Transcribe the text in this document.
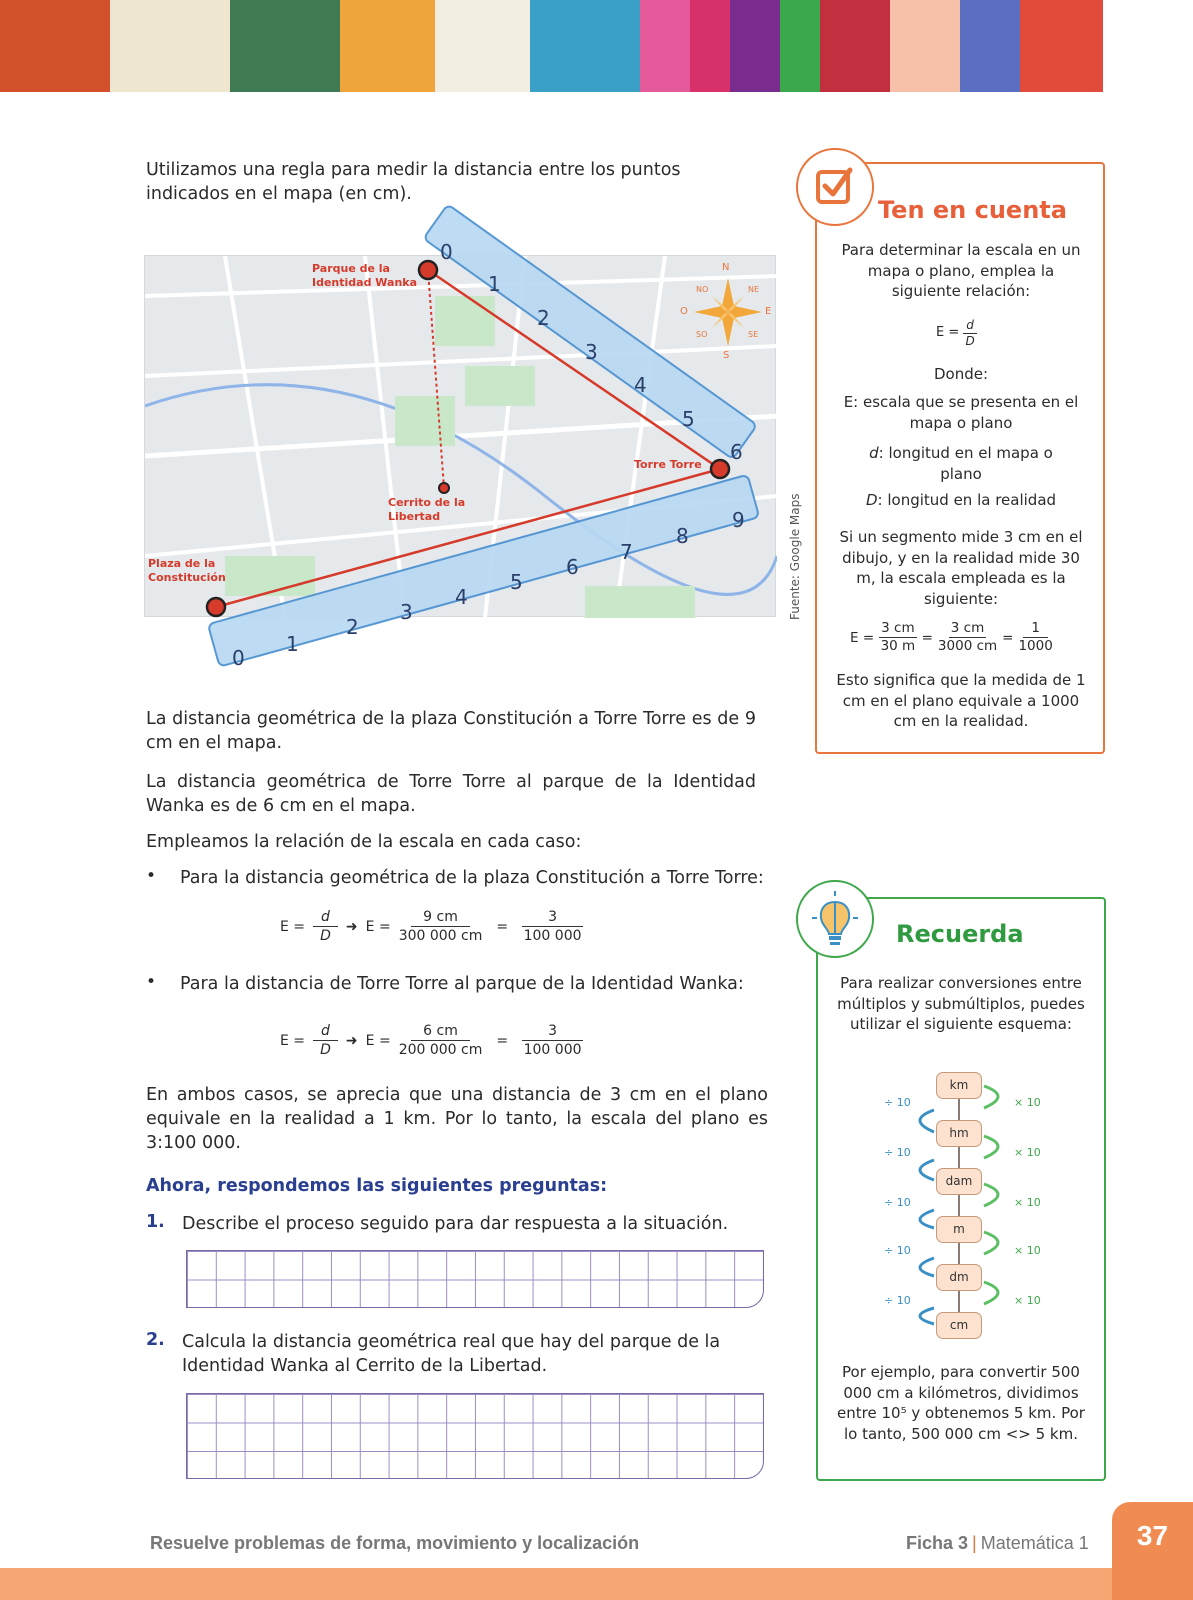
Utilizamos una regla para medir la distancia entre los puntos indicados en el mapa (en cm).
Fuente: Google Maps
0
1
2
3
4
5
6
0
1
2
3
4
5
6
7
8
9
Parque de la Identidad Wanka
Torre Torre
Cerrito de la Libertad
Plaza de la Constitución
N
S
E
O
NE
NO
SE
SO
La distancia geométrica de la plaza Constitución a Torre Torre es de 9 cm en el mapa.
La distancia geométrica de Torre Torre al parque de la Identidad Wanka es de 6 cm en el mapa.
Empleamos la relación de la escala en cada caso:
• Para la distancia geométrica de la plaza Constitución a Torre Torre:
$E = \frac{d}{D}$ ➜ $E = \frac{9 cm}{300 000 cm} = \frac{3}{100 000}$
• Para la distancia de Torre Torre al parque de la Identidad Wanka:
$E = \frac{d}{D}$ ➜ $E = \frac{6 cm}{200 000 cm} = \frac{3}{100 000}$
En ambos casos, se aprecia que una distancia de 3 cm en el plano equivale en la realidad a 1 km. Por lo tanto, la escala del plano es 3:100 000.
Ahora, respondemos las siguientes preguntas:
1. Describe el proceso seguido para dar respuesta a la situación.
2. Calcula la distancia geométrica real que hay del parque de la Identidad Wanka al Cerrito de la Libertad.
Ten en cuenta
Para determinar la escala en un mapa o plano, emplea la siguiente relación:
$E = \frac{d}{D}$
Donde:
E: escala que se presenta en el mapa o plano
d: longitud en el mapa o plano
D: longitud en la realidad
Si un segmento mide 3 cm en el dibujo, y en la realidad mide 30 m, la escala empleada es la siguiente:
$E = \frac{3 cm}{30 m} = \frac{3 cm}{3000 cm} = \frac{1}{1000}$
Esto significa que la medida de 1 cm en el plano equivale a 1000 cm en la realidad.
Recuerda
Para realizar conversiones entre múltiplos y submúltiplos, puedes utilizar el siguiente esquema:
km
hm
dam
m
dm
cm
÷ 10
÷ 10
÷ 10
÷ 10
÷ 10
× 10
× 10
× 10
× 10
× 10
Por ejemplo, para convertir 500 000 cm a kilómetros, dividimos entre 10⁵ y obtenemos 5 km. Por lo tanto, 500 000 cm <> 5 km.
Resuelve problemas de forma, movimiento y localización	Ficha 3 | Matemática 1	37
